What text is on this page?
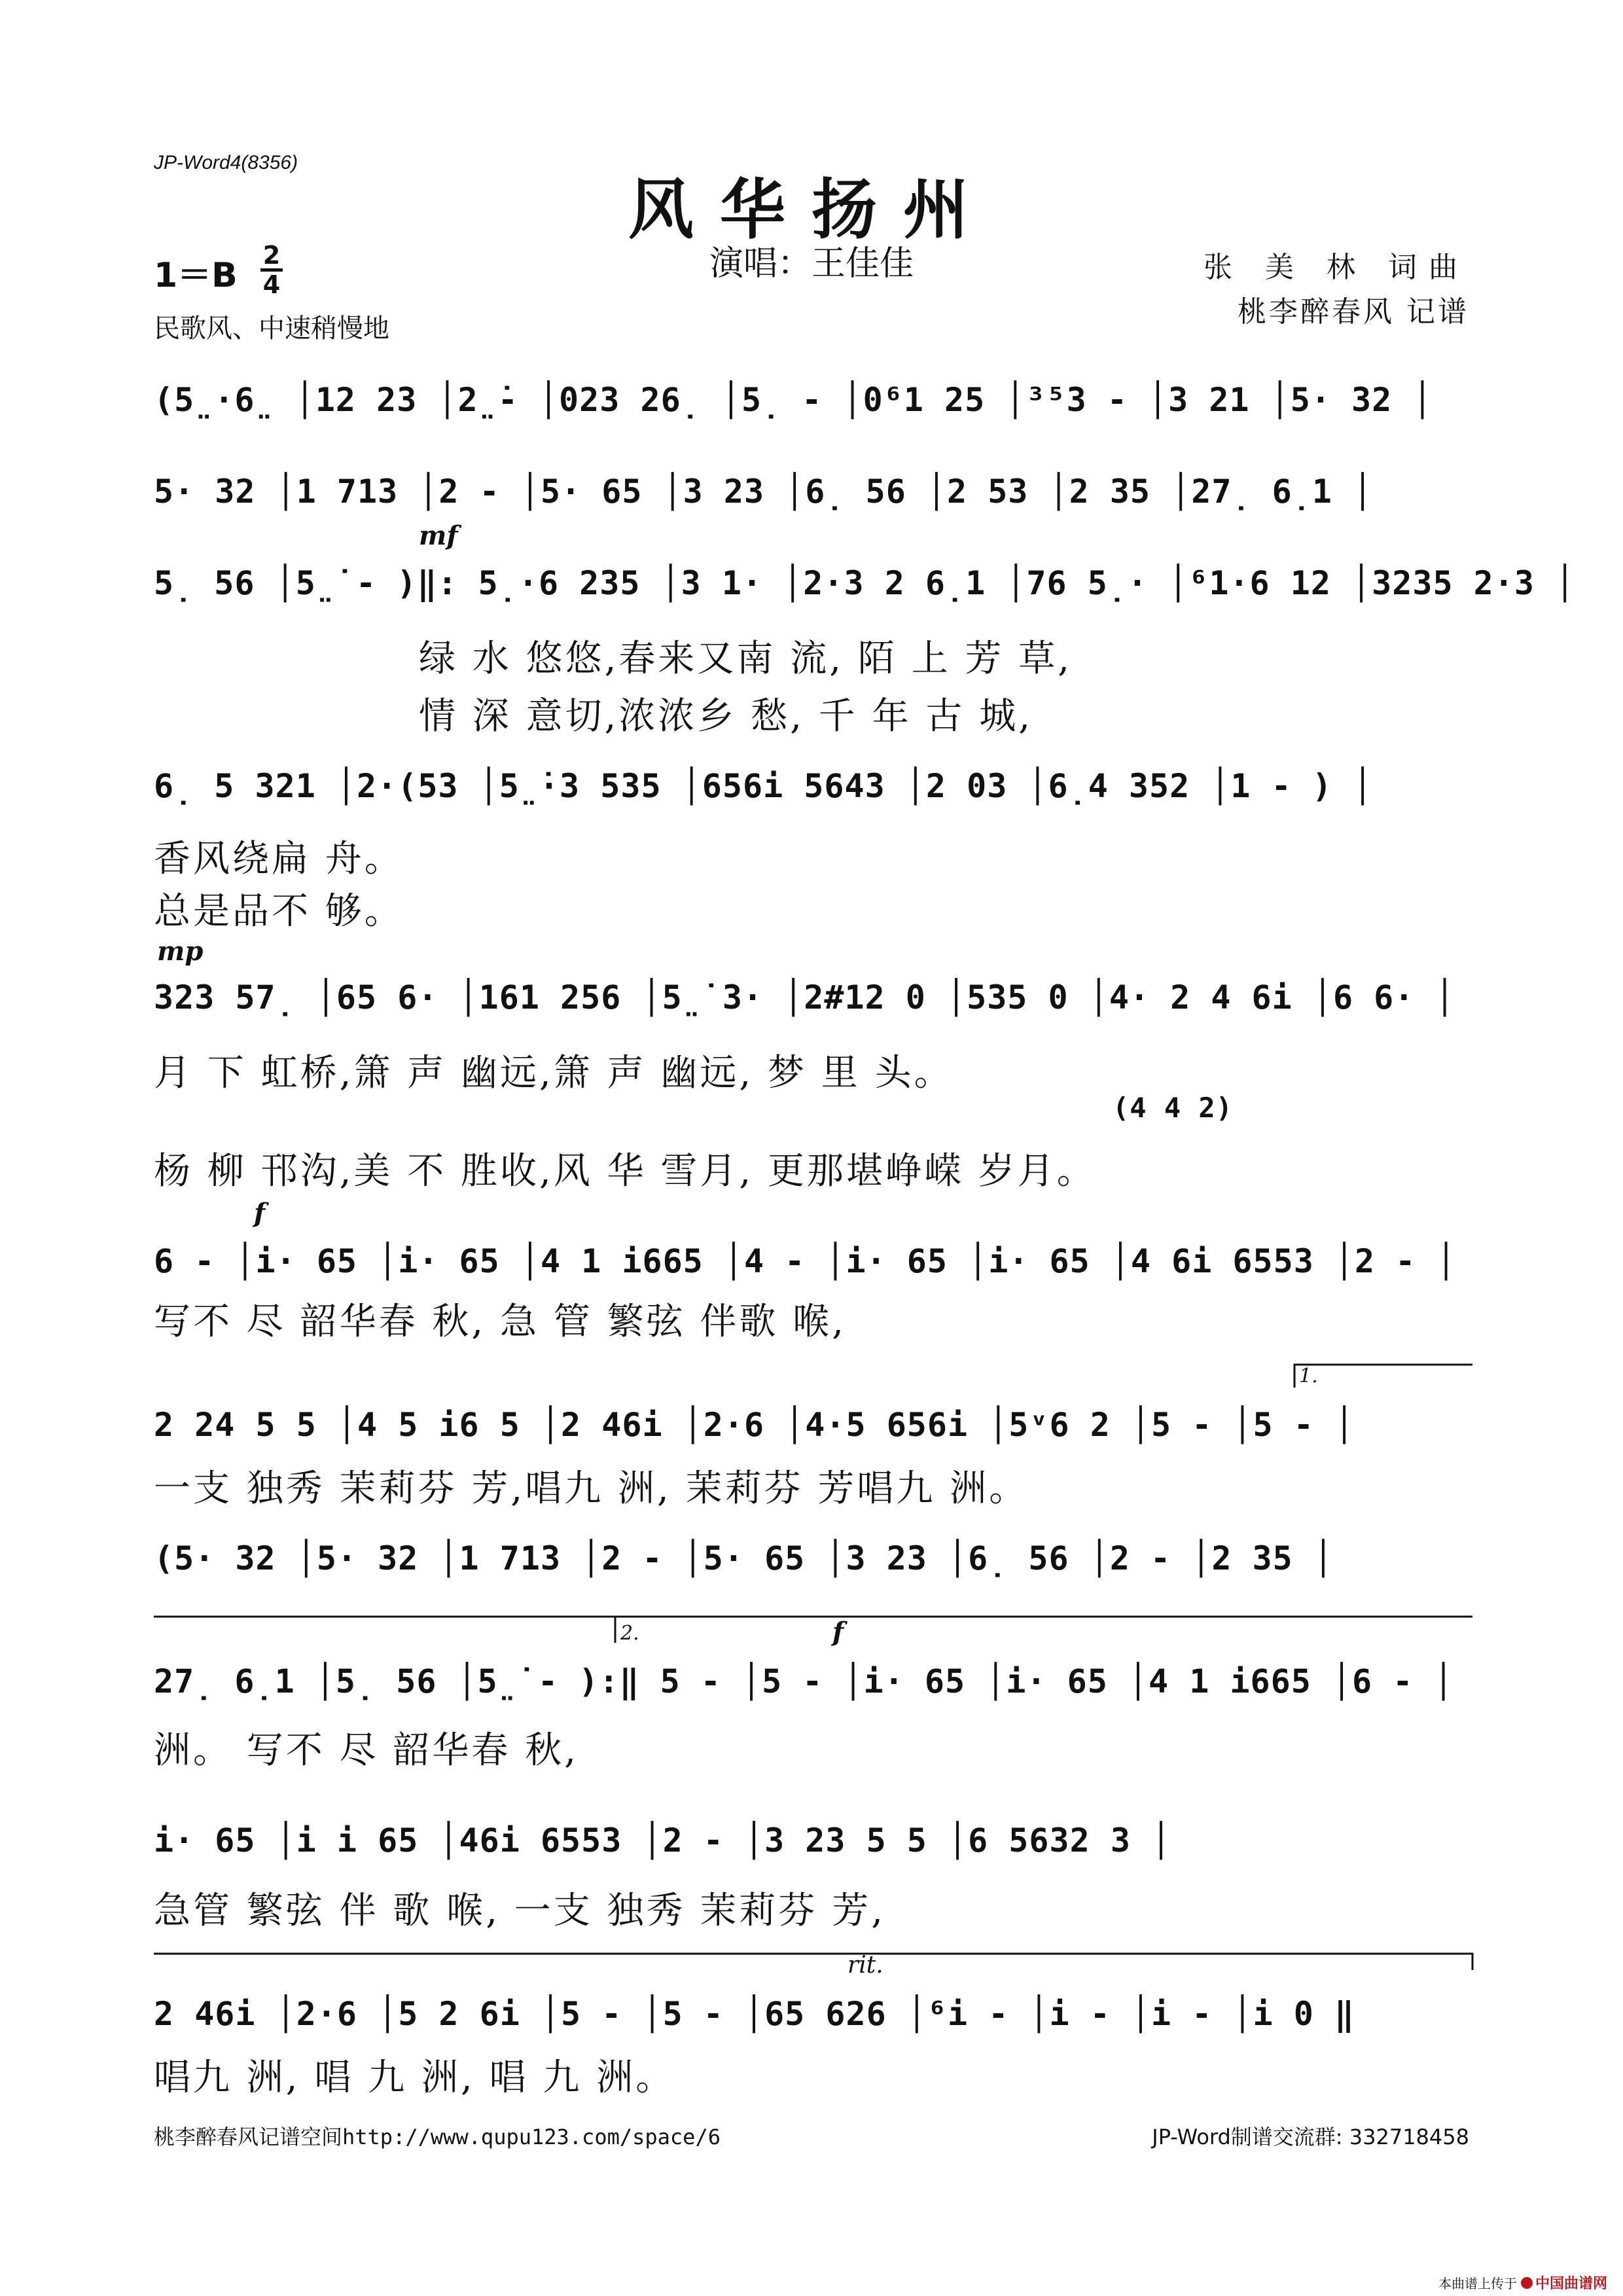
JP-Word4(8356)
风华扬州
演唱：王佳佳
1＝B
2
4
民歌风、中速稍慢地
张 美 林 词曲
桃李醉春风 记谱
(5̤·6̤ │12 23 │2̤̇- │023 26̣ │5̣ - │0⁶1 25 │³⁵3 - │3 21 │5· 32 │
5· 32 │1 713 │2 - │5· 65 │3 23 │6̣ 56 │2 53 │2 35 │27̣ 6̣1 │
mf
5̣ 56 │5̤̇ - )‖: 5̣·6 235 │3 1· │2·3 2 6̣1 │76 5̣· │⁶1·6 12 │3235 2·3 │
绿 水 悠悠,春来又南 流, 陌 上 芳 草,
情 深 意切,浓浓乡 愁, 千 年 古 城,
6̣ 5 321 │2·(53 │5̤̇·3 535 │656i 5643 │2 03 │6̣4 352 │1 - ) │
香风绕扁 舟。
总是品不 够。
mp
323 57̣ │65 6· │161 256 │5̤̇ 3· │2#12 0 │535 0 │4· 2 4 6i │6 6· │
月 下 虹桥,箫 声 幽远,箫 声 幽远, 梦 里 头。
(4 4 2)
杨 柳 邗沟,美 不 胜收,风 华 雪月, 更那堪峥嵘 岁月。
f
6 - │i· 65 │i· 65 │4 1 i665 │4 - │i· 65 │i· 65 │4 6i 6553 │2 - │
写不 尽 韶华春 秋, 急 管 繁弦 伴歌 喉,
1.
2 24 5 5 │4 5 i6 5 │2 46i │2·6 │4·5 656i │5ᵛ6 2 │5 - │5 - │
一支 独秀 茉莉芬 芳,唱九 洲, 茉莉芬 芳唱九 洲。
(5· 32 │5· 32 │1 713 │2 - │5· 65 │3 23 │6̣ 56 │2 - │2 35 │
2.	f
27̣ 6̣1 │5̣ 56 │5̤̇ - ):‖ 5 - │5 - │i· 65 │i· 65 │4 1 i665 │6 - │
洲。 写不 尽 韶华春 秋,
i· 65 │i i 65 │46i 6553 │2 - │3 23 5 5 │6 5632 3 │
急管 繁弦 伴 歌 喉, 一支 独秀 茉莉芬 芳,
rit.
2 46i │2·6 │5 2 6i │5 - │5 - │65 626 │⁶i - │i - │i - │i 0 ‖
唱九 洲, 唱 九 洲, 唱 九 洲。
桃李醉春风记谱空间http://www.qupu123.com/space/6	JP-Word制谱交流群: 332718458
本曲谱上传于 中国曲谱网
